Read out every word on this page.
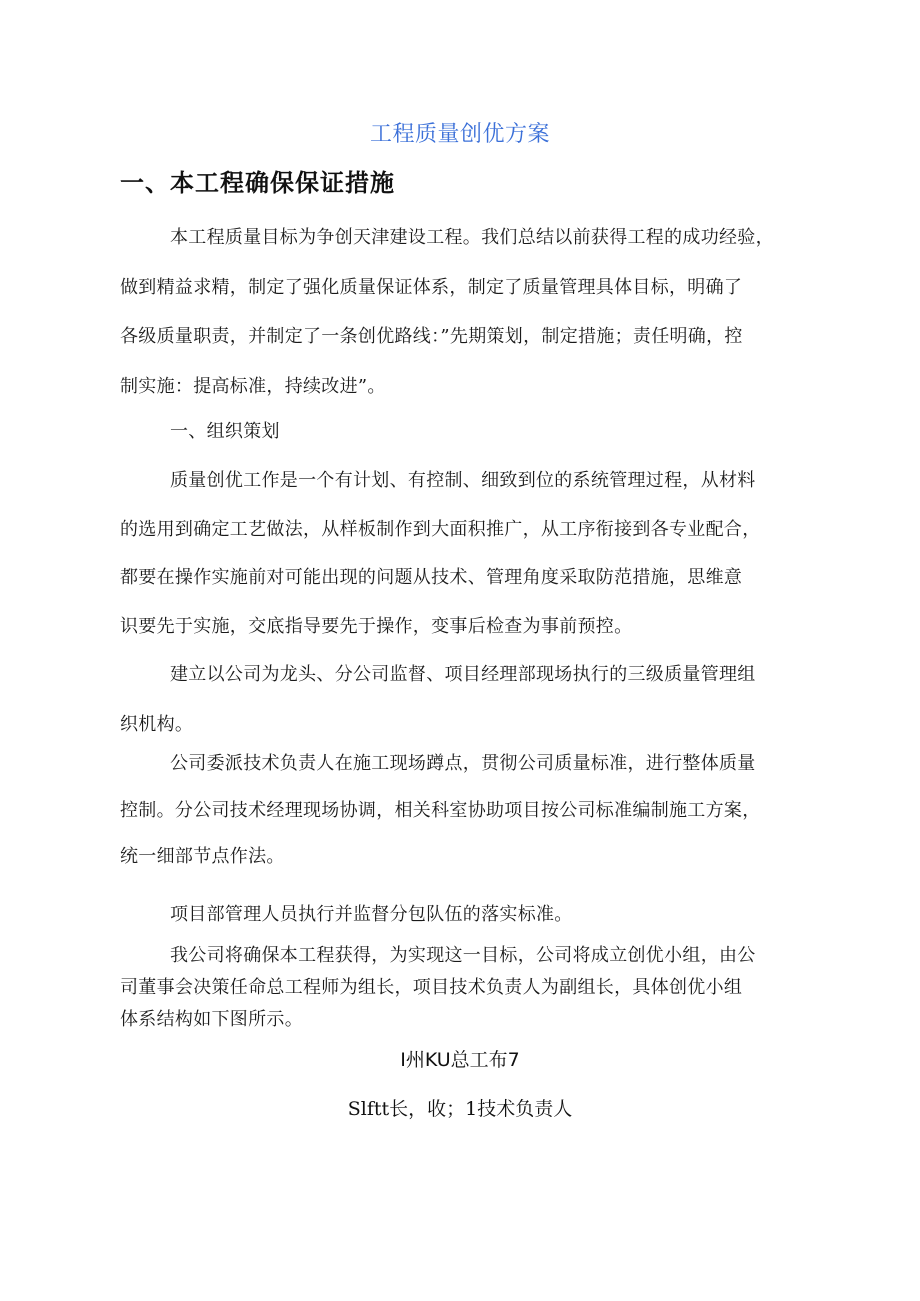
工程质量创优方案
一、本工程确保保证措施
本工程质量目标为争创天津建设工程。我们总结以前获得工程的成功经验，
做到精益求精，制定了强化质量保证体系，制定了质量管理具体目标，明确了
各级质量职责，并制定了一条创优路线：”先期策划，制定措施；责任明确，控
制实施：提高标准，持续改进”。
一、组织策划
质量创优工作是一个有计划、有控制、细致到位的系统管理过程，从材料
的选用到确定工艺做法，从样板制作到大面积推广，从工序衔接到各专业配合，
都要在操作实施前对可能出现的问题从技术、管理角度采取防范措施，思维意
识要先于实施，交底指导要先于操作，变事后检查为事前预控。
建立以公司为龙头、分公司监督、项目经理部现场执行的三级质量管理组
织机构。
公司委派技术负责人在施工现场蹲点，贯彻公司质量标准，进行整体质量
控制。分公司技术经理现场协调，相关科室协助项目按公司标准编制施工方案，
统一细部节点作法。
项目部管理人员执行并监督分包队伍的落实标准。
我公司将确保本工程获得，为实现这一目标，公司将成立创优小组，由公
司董事会决策任命总工程师为组长，项目技术负责人为副组长，具体创优小组
体系结构如下图所示。
I州KU总工布7
Slftt长，收；1技术负责人
